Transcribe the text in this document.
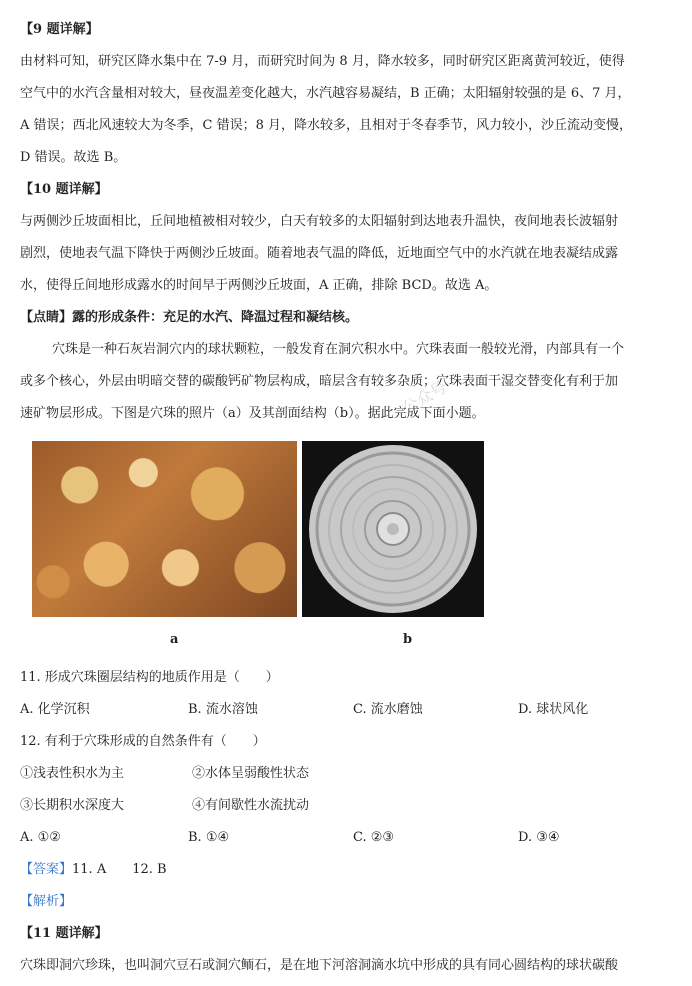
【9 题详解】
由材料可知，研究区降水集中在 7-9 月，而研究时间为 8 月，降水较多，同时研究区距离黄河较近，使得
空气中的水汽含量相对较大，昼夜温差变化越大，水汽越容易凝结，B 正确；太阳辐射较强的是 6、7 月，
A 错误；西北风速较大为冬季，C 错误；8 月，降水较多，且相对于冬春季节，风力较小，沙丘流动变慢，
D 错误。故选 B。
【10 题详解】
与两侧沙丘坡面相比，丘间地植被相对较少，白天有较多的太阳辐射到达地表升温快，夜间地表长波辐射
剧烈，使地表气温下降快于两侧沙丘坡面。随着地表气温的降低，近地面空气中的水汽就在地表凝结成露
水，使得丘间地形成露水的时间早于两侧沙丘坡面，A 正确，排除 BCD。故选 A。
【点睛】露的形成条件：充足的水汽、降温过程和凝结核。
穴珠是一种石灰岩洞穴内的球状颗粒，一般发育在洞穴积水中。穴珠表面一般较光滑，内部具有一个
或多个核心，外层由明暗交替的碳酸钙矿物层构成，暗层含有较多杂质；穴珠表面干湿交替变化有利于加
速矿物层形成。下图是穴珠的照片（a）及其剖面结构（b）。据此完成下面小题。
公众号
a	b
11. 形成穴珠圈层结构的地质作用是（　　）
A. 化学沉积	B. 流水溶蚀	C. 流水磨蚀	D. 球状风化
12. 有利于穴珠形成的自然条件有（　　）
①浅表性积水为主	②水体呈弱酸性状态
③长期积水深度大	④有间歇性水流扰动
A. ①②	B. ①④	C. ②③	D. ③④
【答案】11. A　　12. B
【解析】
【11 题详解】
穴珠即洞穴珍珠，也叫洞穴豆石或洞穴鲕石，是在地下河溶洞滴水坑中形成的具有同心圆结构的球状碳酸
